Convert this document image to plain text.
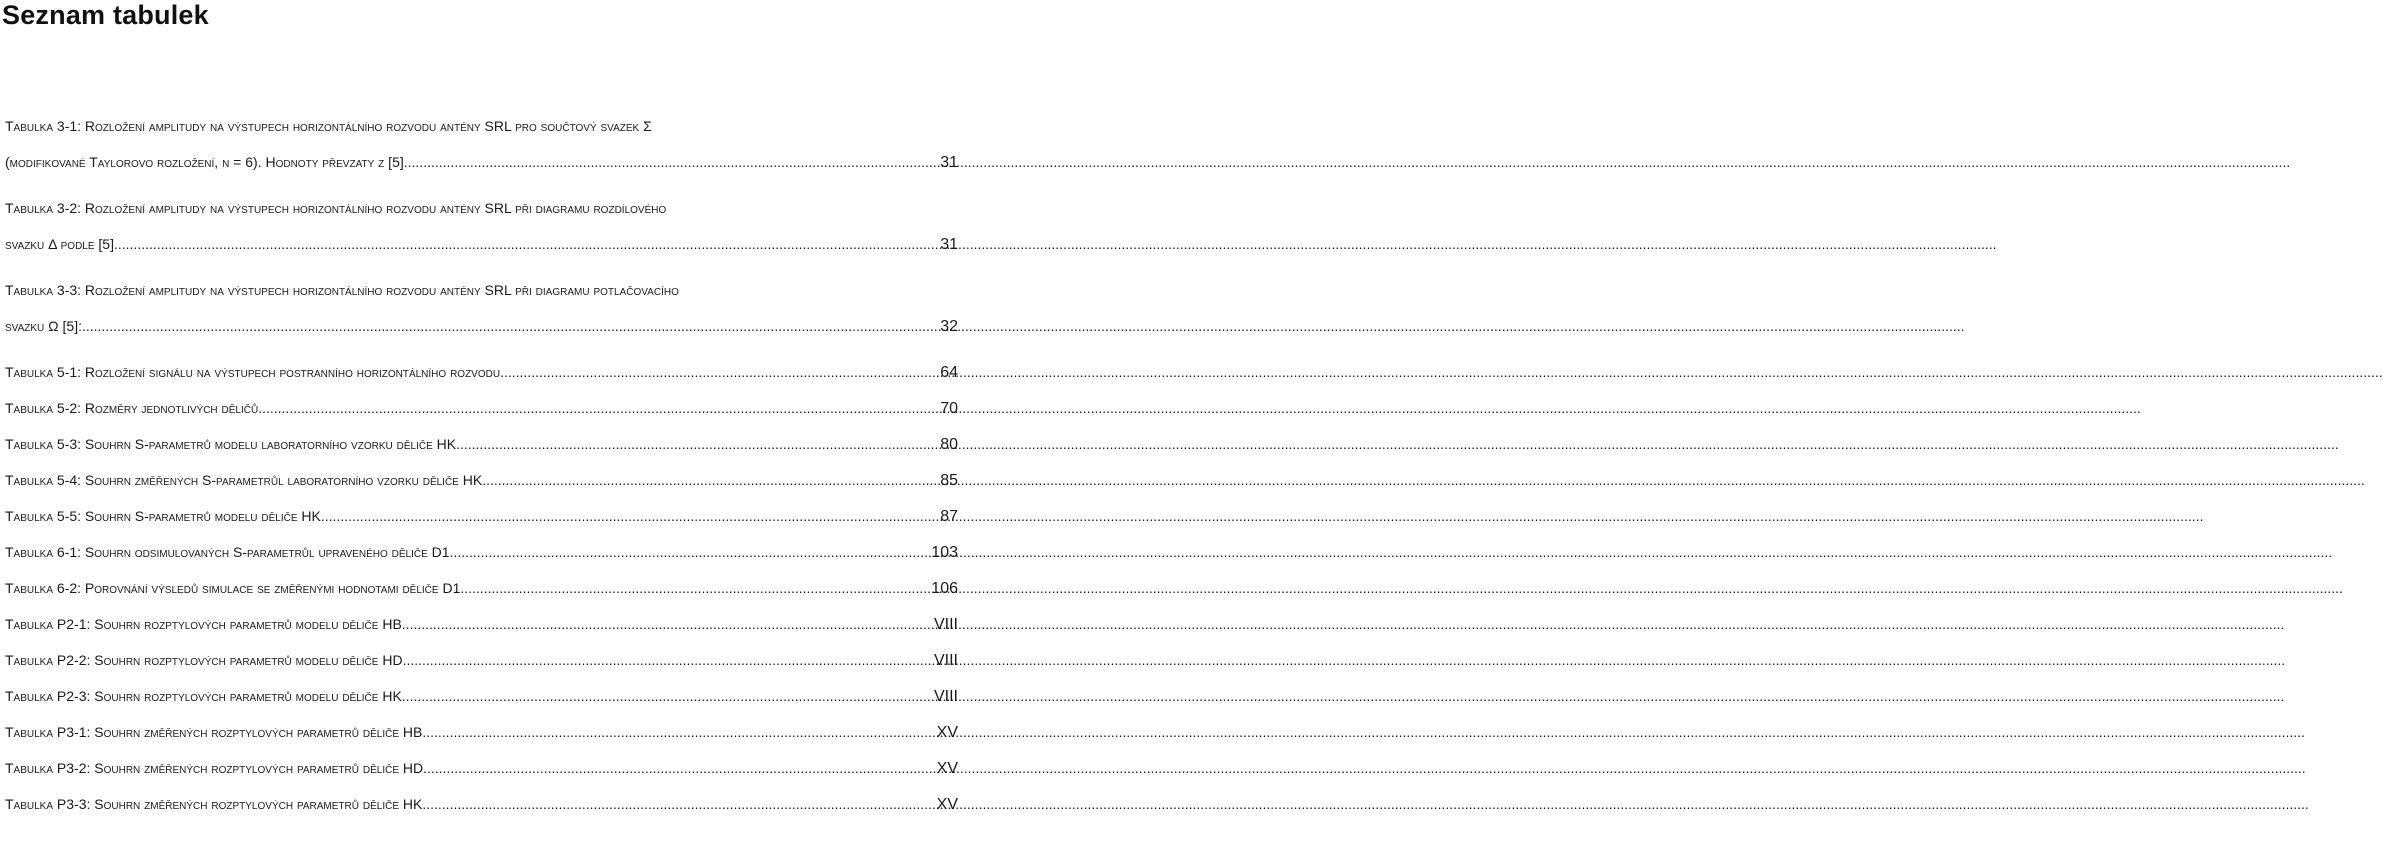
Seznam tabulek
Tabulka 3-1: Rozložení amplitudy na výstupech horizontálního rozvodu antény SRL pro součtový svazek Σ
(modifikované Taylorovo rozložení, n = 6). Hodnoty převzaty z [5]. .....	31
Tabulka 3-2: Rozložení amplitudy na výstupech horizontálního rozvodu antény SRL při diagramu rozdílového
svazku Δ podle [5] .....	31
Tabulka 3-3: Rozložení amplitudy na výstupech horizontálního rozvodu antény SRL při diagramu potlačovacího
svazku Ω [5]: .....	32
Tabulka 5-1: Rozložení signálu na výstupech postranního horizontálního rozvodu .....	64
Tabulka 5-2: Rozměry jednotlivých děličů .....	70
Tabulka 5-3: Souhrn S-parametrů modelu laboratorního vzorku děliče HK .....	80
Tabulka 5-4: Souhrn změřených S-parametrůl laboratorního vzorku děliče HK .....	85
Tabulka 5-5: Souhrn S-parametrů modelu děliče HK .....	87
Tabulka 6-1: Souhrn odsimulovaných S-parametrůl upraveného děliče D1 .....	103
Tabulka 6-2: Porovnání výsledů simulace se změřenými hodnotami děliče D1 .....	106
Tabulka P2-1: Souhrn rozptylových parametrů modelu děliče HB .....	VIII
Tabulka P2-2: Souhrn rozptylových parametrů modelu děliče HD .....	VIII
Tabulka P2-3: Souhrn rozptylových parametrů modelu děliče HK .....	VIII
Tabulka P3-1: Souhrn změřených rozptylových parametrů děliče HB .....	XV
Tabulka P3-2: Souhrn změřených rozptylových parametrů děliče HD .....	XV
Tabulka P3-3: Souhrn změřených rozptylových parametrů děliče HK. .....	XV
